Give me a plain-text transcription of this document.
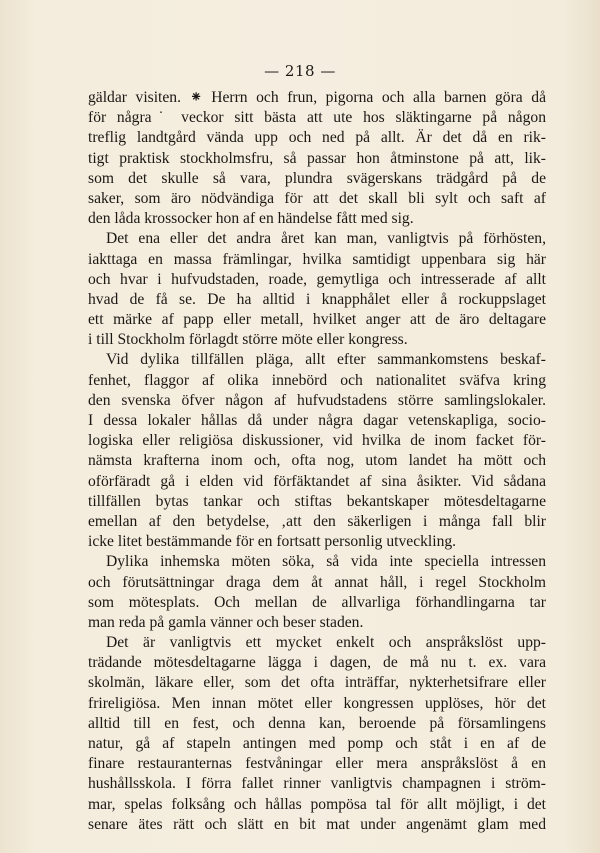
— 218 —
gäldar visiten. ⁕ Herrn och frun, pigorna och alla barnen göra då
för några˙ veckor sitt bästa att ute hos släktingarne på någon
treflig landtgård vända upp och ned på allt. Är det då en rik-
tigt praktisk stockholmsfru, så passar hon åtminstone på att, lik-
som det skulle så vara, plundra svägerskans trädgård på de
saker, som äro nödvändiga för att det skall bli sylt och saft af
den låda krossocker hon af en händelse fått med sig.
Det ena eller det andra året kan man, vanligtvis på förhösten,
iakttaga en massa främlingar, hvilka samtidigt uppenbara sig här
och hvar i hufvudstaden, roade, gemytliga och intresserade af allt
hvad de få se. De ha alltid i knapphålet eller å rockuppslaget
ett märke af papp eller metall, hvilket anger att de äro deltagare
i till Stockholm förlagdt större möte eller kongress.
Vid dylika tillfällen pläga, allt efter sammankomstens beskaf-
fenhet, flaggor af olika innebörd och nationalitet sväfva kring
den svenska öfver någon af hufvudstadens större samlingslokaler.
I dessa lokaler hållas då under några dagar vetenskapliga, socio-
logiska eller religiösa diskussioner, vid hvilka de inom facket för-
nämsta krafterna inom och, ofta nog, utom landet ha mött och
oförfäradt gå i elden vid förfäktandet af sina åsikter. Vid sådana
tillfällen bytas tankar och stiftas bekantskaper mötesdeltagarne
emellan af den betydelse, ‚att den säkerligen i många fall blir
icke litet bestämmande för en fortsatt personlig utveckling.
Dylika inhemska möten söka, så vida inte speciella intressen
och förutsättningar draga dem åt annat håll, i regel Stockholm
som mötesplats. Och mellan de allvarliga förhandlingarna tar
man reda på gamla vänner och beser staden.
Det är vanligtvis ett mycket enkelt och anspråkslöst upp-
trädande mötesdeltagarne lägga i dagen, de må nu t. ex. vara
skolmän, läkare eller, som det ofta inträffar, nykterhetsifrare eller
frireligiösa. Men innan mötet eller kongressen upplöses, hör det
alltid till en fest, och denna kan, beroende på församlingens
natur, gå af stapeln antingen med pomp och ståt i en af de
finare restauranternas festvåningar eller mera anspråkslöst å en
hushållsskola. I förra fallet rinner vanligtvis champagnen i ström-
mar, spelas folksång och hållas pompösa tal för allt möjligt, i det
senare ätes rätt och slätt en bit mat under angenämt glam med
